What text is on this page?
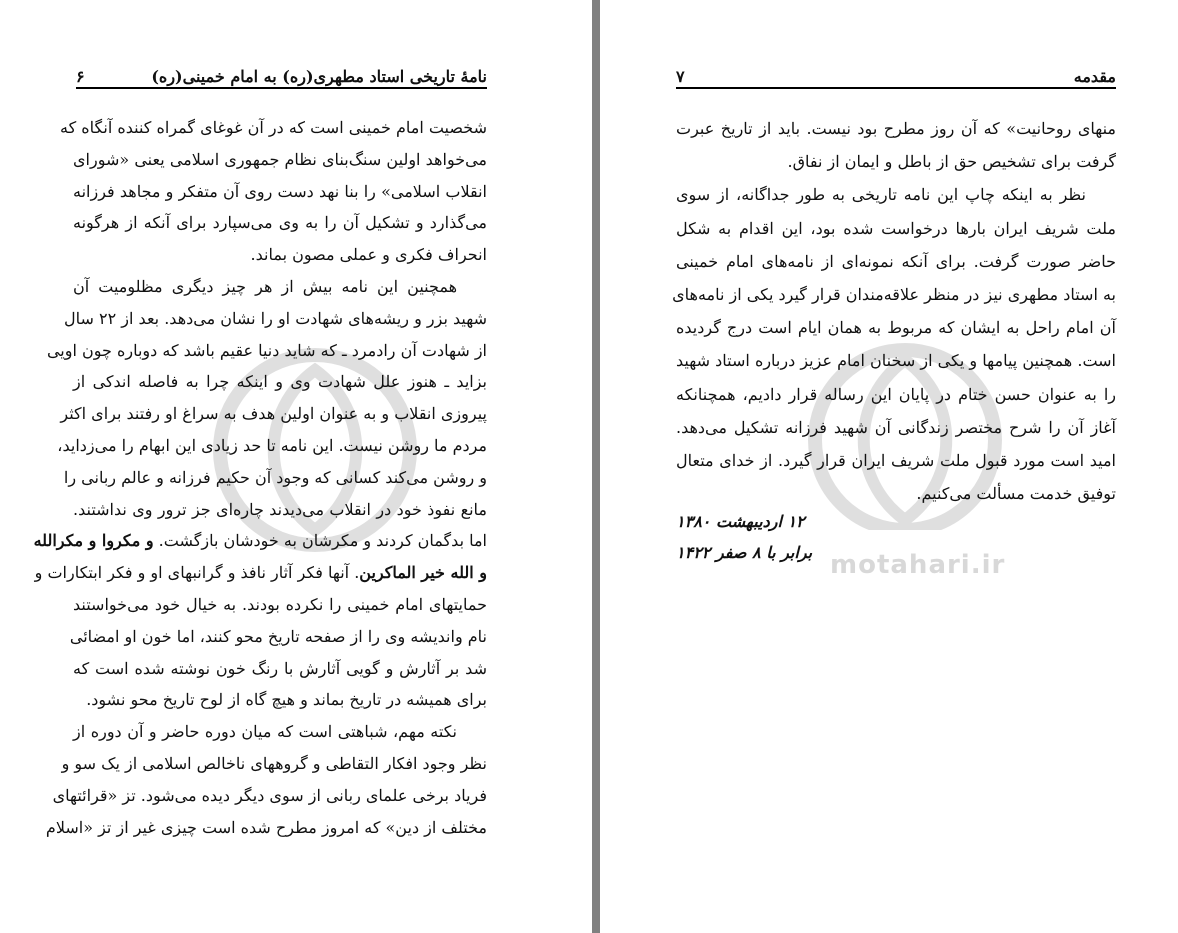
نامهٔ تاریخی استاد مطهری(ره) به امام خمینی(ره)
۶
شخصیت امام خمینی است که در آن غوغای گمراه کننده آنگاه که
می‌خواهد اولین سنگ‌بنای نظام جمهوری اسلامی یعنی «شورای
انقلاب اسلامی» را بنا نهد دست روی آن متفکر و مجاهد فرزانه
می‌گذارد و تشکیل آن را به وی می‌سپارد برای آنکه از هرگونه
انحراف فکری و عملی مصون بماند.
همچنین این نامه بیش از هر چیز دیگری مظلومیت آن
شهید بزر و ریشه‌های شهادت او را نشان می‌دهد. بعد از ۲۲ سال
از شهادت آن رادمرد ـ که شاید دنیا عقیم باشد که دوباره چون اویی
بزاید ـ هنوز علل شهادت وی و اینکه چرا به فاصله اندکی از
پیروزی انقلاب و به عنوان اولین هدف به سراغ او رفتند برای اکثر
مردم ما روشن نیست. این نامه تا حد زیادی این ابهام را می‌زداید،
و روشن می‌کند کسانی که وجود آن حکیم فرزانه و عالم ربانی را
مانع نفوذ خود در انقلاب می‌دیدند چاره‌ای جز ترور وی نداشتند.
اما بدگمان کردند و مکرشان به خودشان بازگشت. و مکروا و مکرالله
و الله خیر الماکرین. آنها فکر آثار نافذ و گرانبهای او و فکر ابتکارات و
حمایتهای امام خمینی را نکرده بودند. به خیال خود می‌خواستند
نام واندیشه وی را از صفحه تاریخ محو کنند، اما خون او امضائی
شد بر آثارش و گویی آثارش با رنگ خون نوشته شده است که
برای همیشه در تاریخ بماند و هیچ گاه از لوح تاریخ محو نشود.
نکته مهم، شباهتی است که میان دوره حاضر و آن دوره از
نظر وجود افکار التقاطی و گروههای ناخالص اسلامی از یک سو و
فریاد برخی علمای ربانی از سوی دیگر دیده می‌شود. تز «قرائتهای
مختلف از دین» که امروز مطرح شده است چیزی غیر از تز «اسلام
مقدمه
۷
منهای روحانیت» که آن روز مطرح بود نیست. باید از تاریخ عبرت
گرفت برای تشخیص حق از باطل و ایمان از نفاق.
نظر به اینکه چاپ این نامه تاریخی به طور جداگانه، از سوی
ملت شریف ایران بارها درخواست شده بود، این اقدام به شکل
حاضر صورت گرفت. برای آنکه نمونه‌ای از نامه‌های امام خمینی
به استاد مطهری نیز در منظر علاقه‌مندان قرار گیرد یکی از نامه‌های
آن امام راحل به ایشان که مربوط به همان ایام است درج گردیده
است. همچنین پیامها و یکی از سخنان امام عزیز درباره استاد شهید
را به عنوان حسن ختام در پایان این رساله قرار دادیم، همچنانکه
آغاز آن را شرح مختصر زندگانی آن شهید فرزانه تشکیل می‌دهد.
امید است مورد قبول ملت شریف ایران قرار گیرد. از خدای متعال
توفیق خدمت مسألت می‌کنیم.
۱۲ اردیبهشت ۱۳۸۰
برابر با ۸ صفر ۱۴۲۲ motahari.ir
